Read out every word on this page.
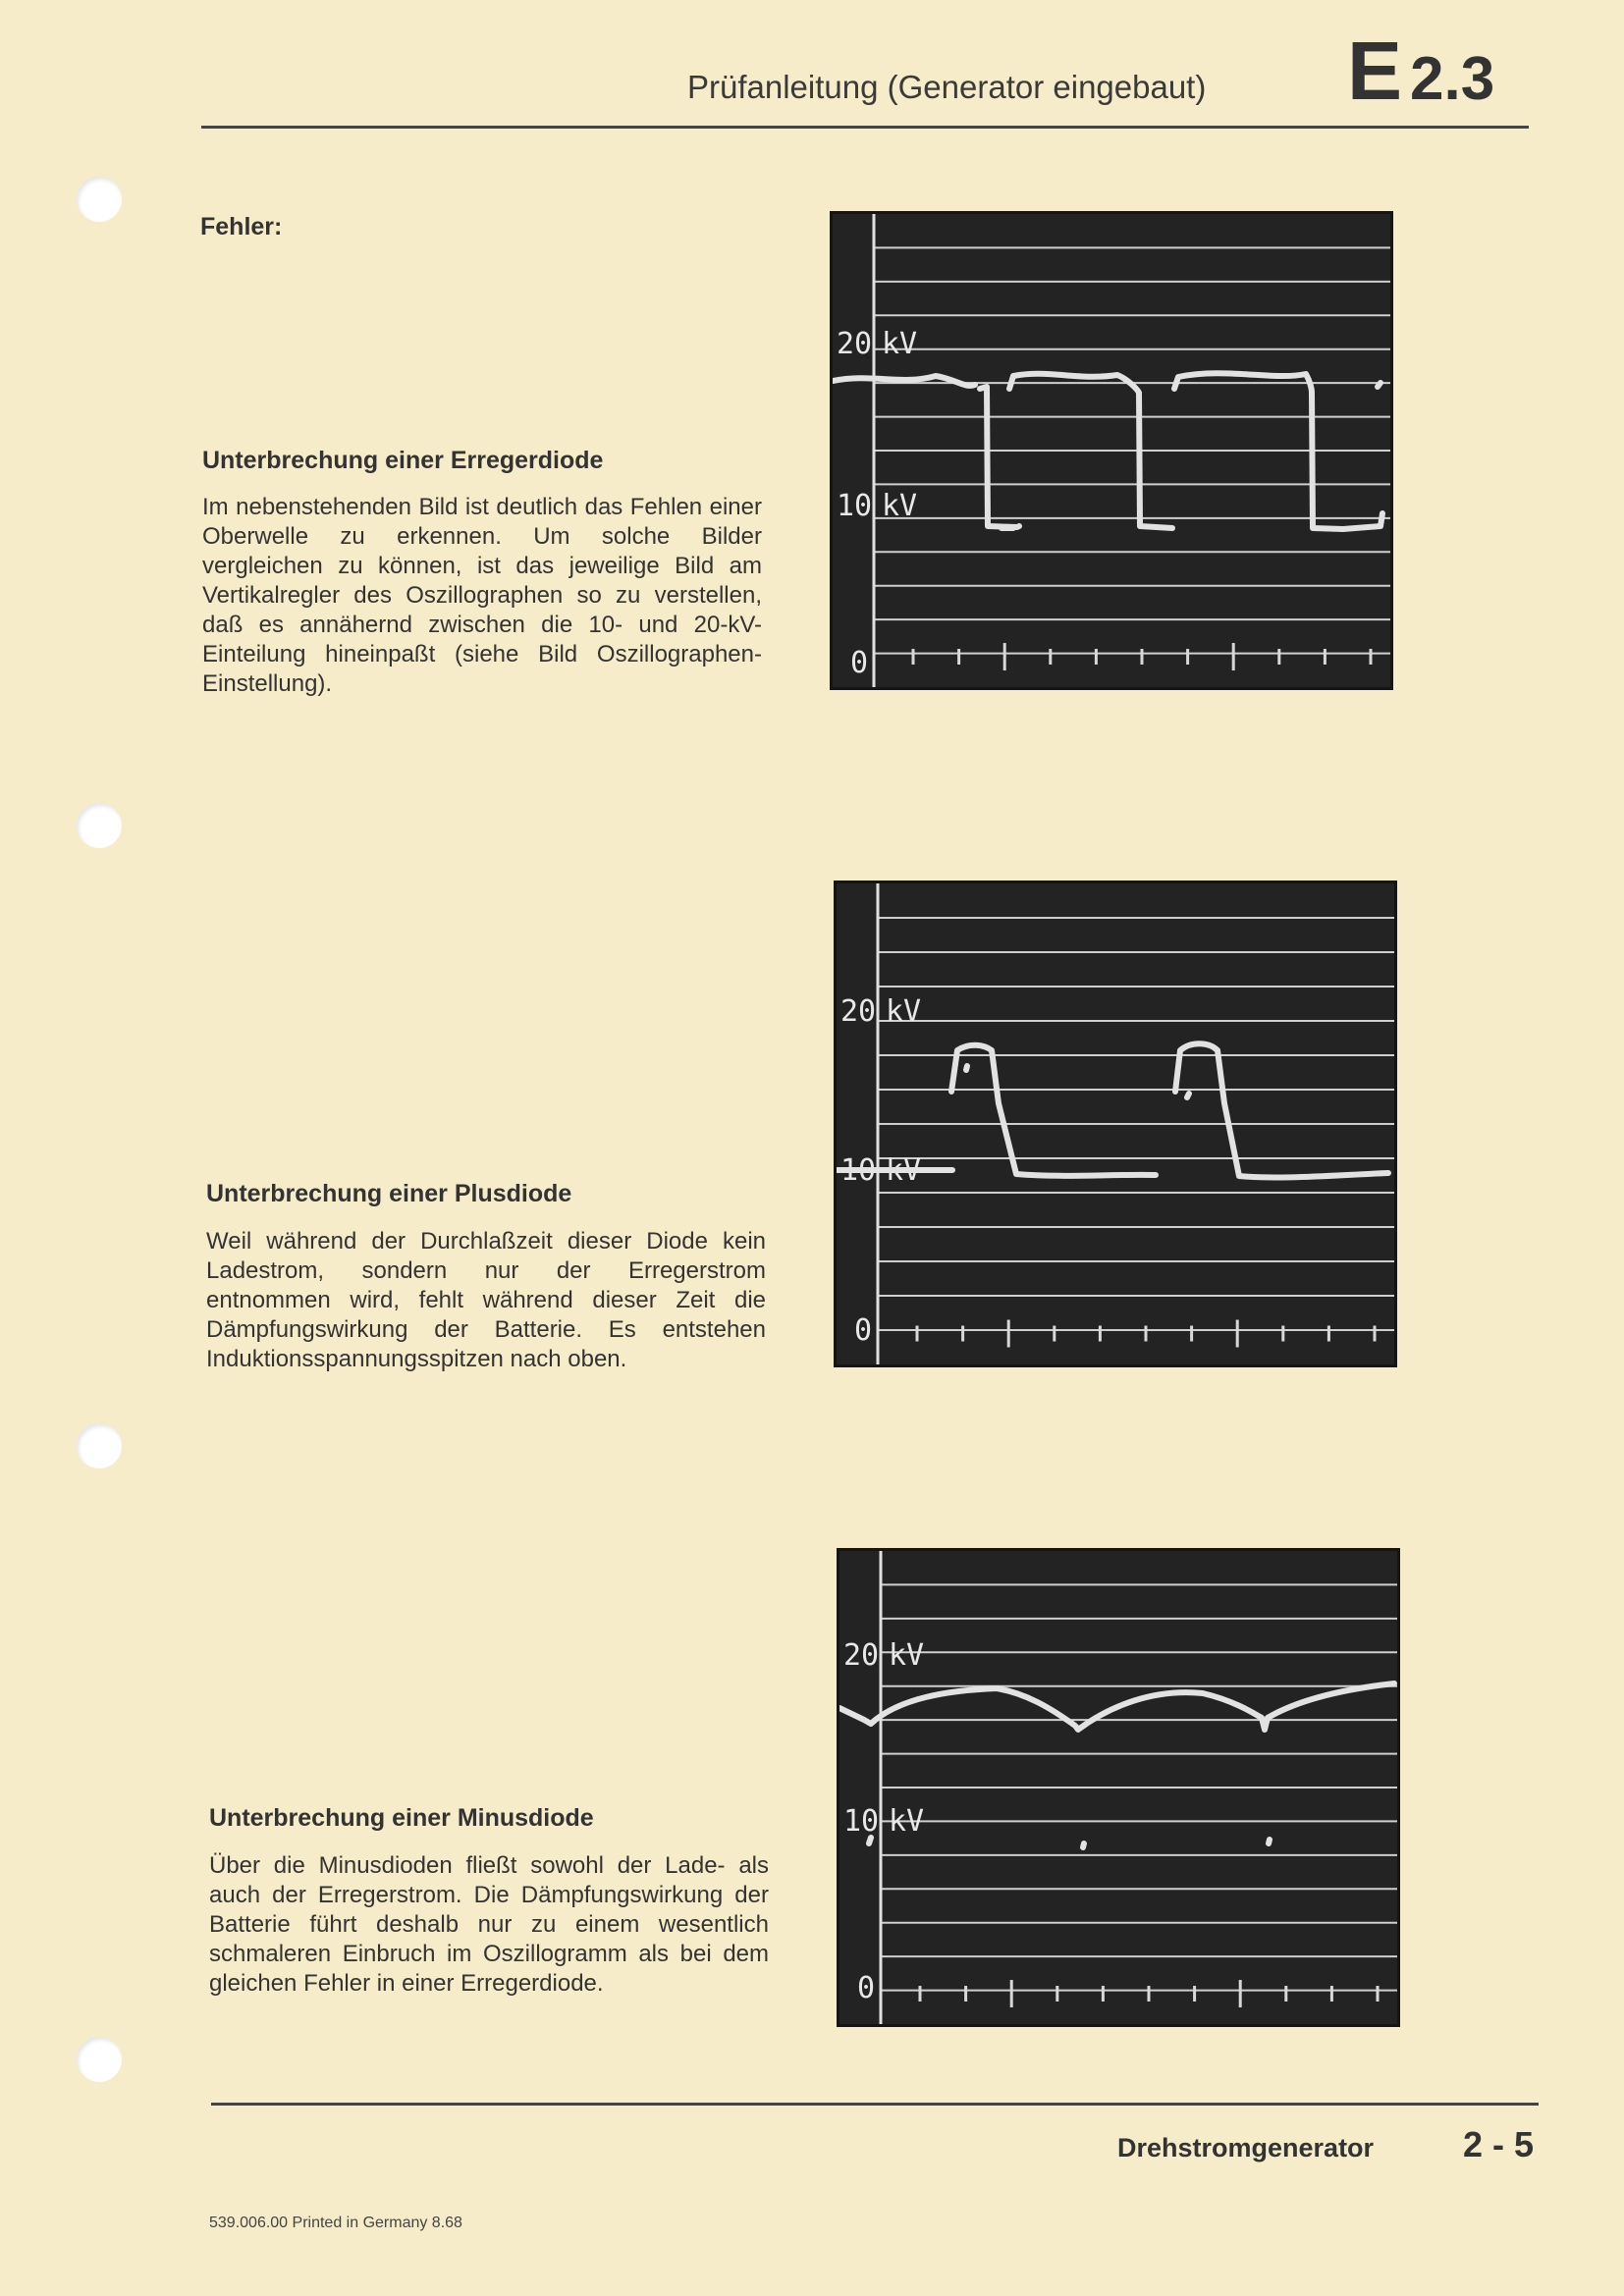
Prüfanleitung (Generator eingebaut) E 2.3
Fehler:
Unterbrechung einer Erregerdiode
Im nebenstehenden Bild ist deutlich das Fehlen einer Oberwelle zu erkennen. Um solche Bilder vergleichen zu können, ist das jeweilige Bild am Vertikalregler des Oszillographen so zu verstellen, daß es annähernd zwischen die 10- und 20-kV-Einteilung hineinpaßt (siehe Bild Oszillographen-Einstellung).
Unterbrechung einer Plusdiode
Weil während der Durchlaßzeit dieser Diode kein Ladestrom, sondern nur der Erregerstrom entnommen wird, fehlt während dieser Zeit die Dämpfungswirkung der Batterie. Es entstehen Induktionsspannungsspitzen nach oben.
Unterbrechung einer Minusdiode
Über die Minusdioden fließt sowohl der Lade- als auch der Erregerstrom. Die Dämpfungswirkung der Batterie führt deshalb nur zu einem wesentlich schmaleren Einbruch im Oszillogramm als bei dem gleichen Fehler in einer Erregerdiode.
20 kV
10 kV
0
20 kV
10 kV
0
20 kV
10 kV
0
Drehstromgenerator	2 - 5
539.006.00 Printed in Germany 8.68
